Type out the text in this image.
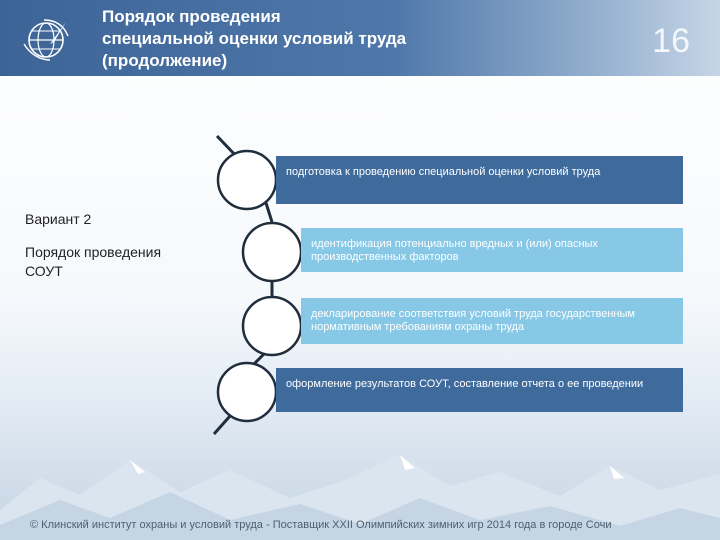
Порядок проведения
специальной оценки условий труда
(продолжение)
16
Вариант 2
Порядок проведения
СОУТ
подготовка к проведению специальной оценки условий труда
идентификация потенциально вредных и (или) опасных производственных факторов
декларирование соответствия условий труда государственным нормативным требованиям охраны труда
оформление результатов СОУТ, составление отчета о ее проведении
© Клинский институт охраны и условий труда - Поставщик XXII Олимпийских зимних игр 2014 года в городе Сочи
